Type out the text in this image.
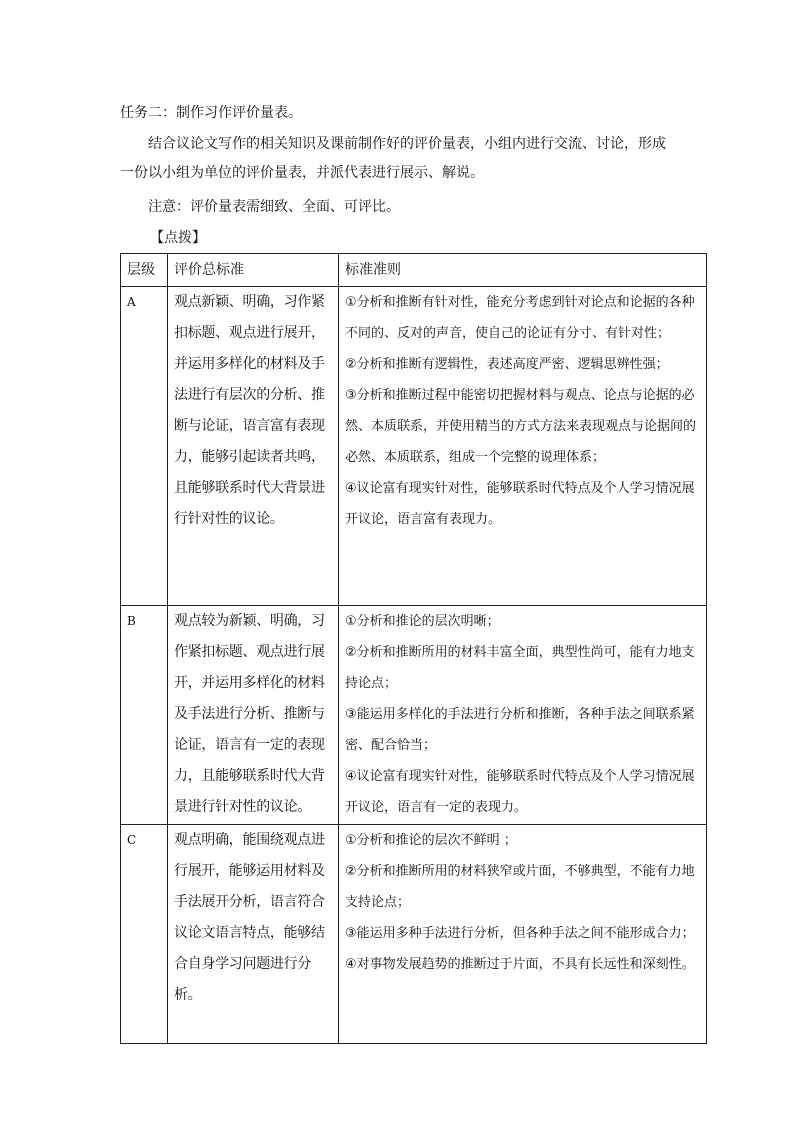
任务二：制作习作评价量表。
结合议论文写作的相关知识及课前制作好的评价量表，小组内进行交流、讨论，形成
一份以小组为单位的评价量表，并派代表进行展示、解说。
注意：评价量表需细致、全面、可评比。
【点拨】
层级	评价总标准	标准准则
A	观点新颖、明确，习作紧扣标题、观点进行展开，并运用多样化的材料及手法进行有层次的分析、推断与论证，语言富有表现力，能够引起读者共鸣，且能够联系时代大背景进行针对性的议论。	①分析和推断有针对性，能充分考虑到针对论点和论据的各种不同的、反对的声音，使自己的论证有分寸、有针对性；
②分析和推断有逻辑性，表述高度严密、逻辑思辨性强；
③分析和推断过程中能密切把握材料与观点、论点与论据的必然、本质联系，并使用精当的方式方法来表现观点与论据间的必然、本质联系，组成一个完整的说理体系；
④议论富有现实针对性，能够联系时代特点及个人学习情况展开议论，语言富有表现力。

B	观点较为新颖、明确，习作紧扣标题、观点进行展开，并运用多样化的材料及手法进行分析、推断与论证，语言有一定的表现力，且能够联系时代大背景进行针对性的议论。	①分析和推论的层次明晰；
②分析和推断所用的材料丰富全面，典型性尚可，能有力地支持论点；
③能运用多样化的手法进行分析和推断，各种手法之间联系紧密、配合恰当；
④议论富有现实针对性，能够联系时代特点及个人学习情况展开议论，语言有一定的表现力。

C	观点明确，能围绕观点进行展开，能够运用材料及手法展开分析，语言符合议论文语言特点，能够结合自身学习问题进行分析。	①分析和推论的层次不鲜明 ；
②分析和推断所用的材料狭窄或片面，不够典型，不能有力地支持论点；
③能运用多种手法进行分析，但各种手法之间不能形成合力；
④对事物发展趋势的推断过于片面，不具有长远性和深刻性。
